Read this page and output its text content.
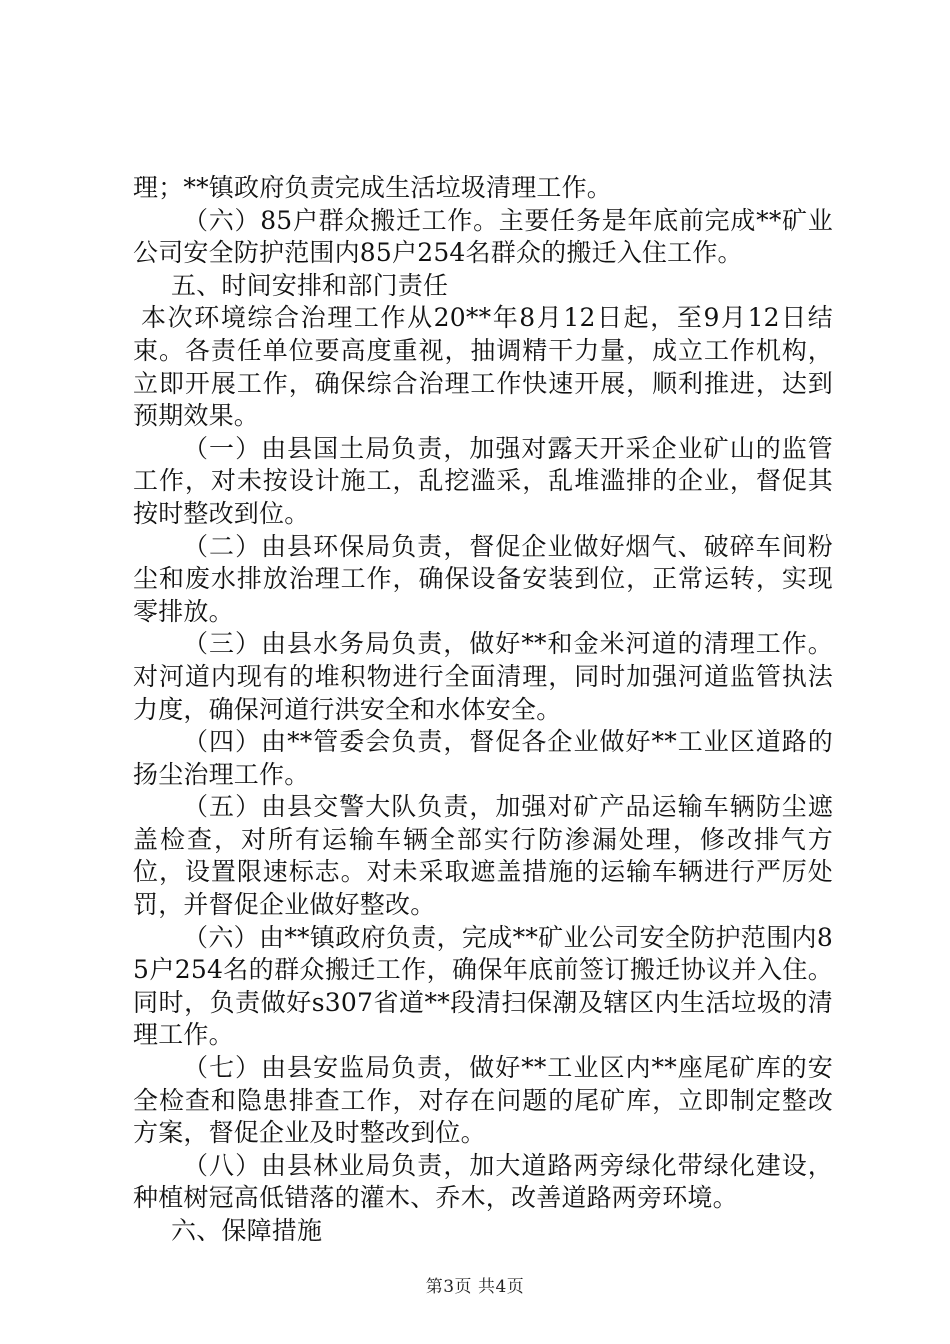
理；**镇政府负责完成生活垃圾清理工作。

（六）85户群众搬迁工作。主要任务是年底前完成**矿业公司安全防护范围内85户254名群众的搬迁入住工作。

五、时间安排和部门责任

本次环境综合治理工作从20**年8月12日起，至9月12日结束。各责任单位要高度重视，抽调精干力量，成立工作机构，立即开展工作，确保综合治理工作快速开展，顺利推进，达到预期效果。

（一）由县国土局负责，加强对露天开采企业矿山的监管工作，对未按设计施工，乱挖滥采，乱堆滥排的企业，督促其按时整改到位。

（二）由县环保局负责，督促企业做好烟气、破碎车间粉尘和废水排放治理工作，确保设备安装到位，正常运转，实现零排放。

（三）由县水务局负责，做好**和金米河道的清理工作。对河道内现有的堆积物进行全面清理，同时加强河道监管执法力度，确保河道行洪安全和水体安全。

（四）由**管委会负责，督促各企业做好**工业区道路的扬尘治理工作。

（五）由县交警大队负责，加强对矿产品运输车辆防尘遮盖检查，对所有运输车辆全部实行防渗漏处理，修改排气方位，设置限速标志。对未采取遮盖措施的运输车辆进行严厉处罚，并督促企业做好整改。

（六）由**镇政府负责，完成**矿业公司安全防护范围内85户254名的群众搬迁工作，确保年底前签订搬迁协议并入住。同时，负责做好s307省道**段清扫保潮及辖区内生活垃圾的清理工作。

（七）由县安监局负责，做好**工业区内**座尾矿库的安全检查和隐患排查工作，对存在问题的尾矿库，立即制定整改方案，督促企业及时整改到位。

（八）由县林业局负责，加大道路两旁绿化带绿化建设，种植树冠高低错落的灌木、乔木，改善道路两旁环境。

六、保障措施

第3页 共4页
